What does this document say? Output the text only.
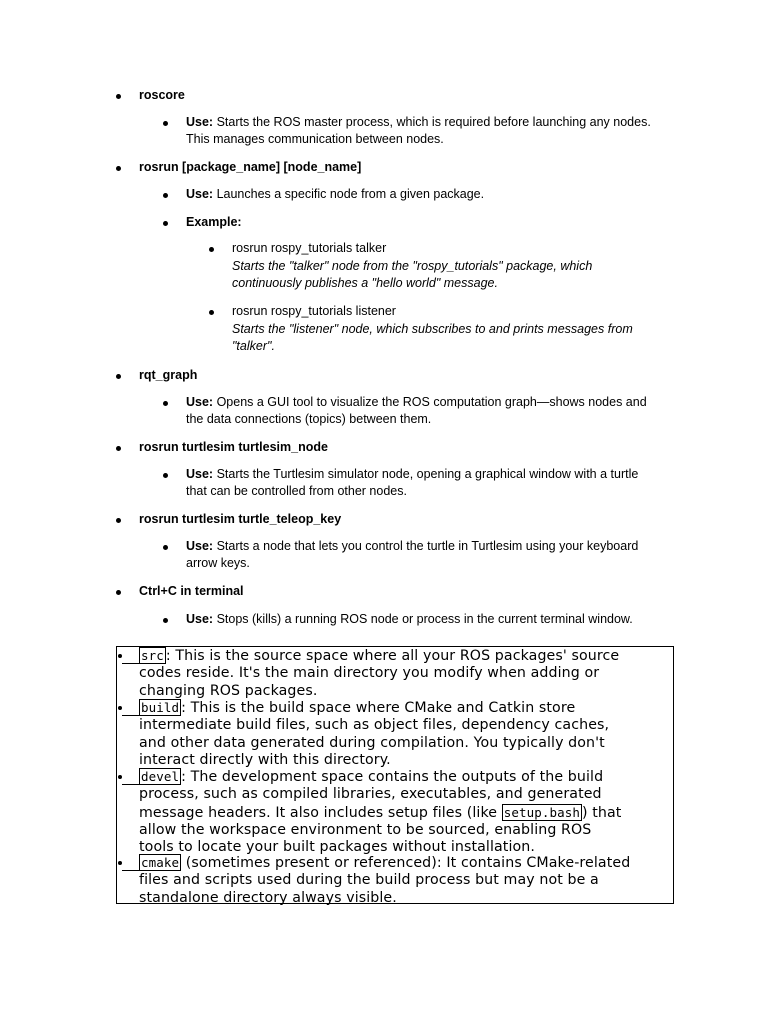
roscore
Use: Starts the ROS master process, which is required before launching any nodes.
This manages communication between nodes.
rosrun [package_name] [node_name]
Use: Launches a specific node from a given package.
Example:
rosrun rospy_tutorials talker
Starts the "talker" node from the "rospy_tutorials" package, which
continuously publishes a "hello world" message.
rosrun rospy_tutorials listener
Starts the "listener" node, which subscribes to and prints messages from
"talker".
rqt_graph
Use: Opens a GUI tool to visualize the ROS computation graph—shows nodes and
the data connections (topics) between them.
rosrun turtlesim turtlesim_node
Use: Starts the Turtlesim simulator node, opening a graphical window with a turtle
that can be controlled from other nodes.
rosrun turtlesim turtle_teleop_key
Use: Starts a node that lets you control the turtle in Turtlesim using your keyboard
arrow keys.
Ctrl+C in terminal
Use: Stops (kills) a running ROS node or process in the current terminal window.
src : This is the source space where all your ROS packages' source
codes reside. It's the main directory you modify when adding or
changing ROS packages.
build : This is the build space where CMake and Catkin store
intermediate build files, such as object files, dependency caches,
and other data generated during compilation. You typically don't
interact directly with this directory.
devel : The development space contains the outputs of the build
process, such as compiled libraries, executables, and generated
message headers. It also includes setup files (like setup.bash ) that
allow the workspace environment to be sourced, enabling ROS
tools to locate your built packages without installation.
cmake (sometimes present or referenced): It contains CMake-related
files and scripts used during the build process but may not be a
standalone directory always visible.
